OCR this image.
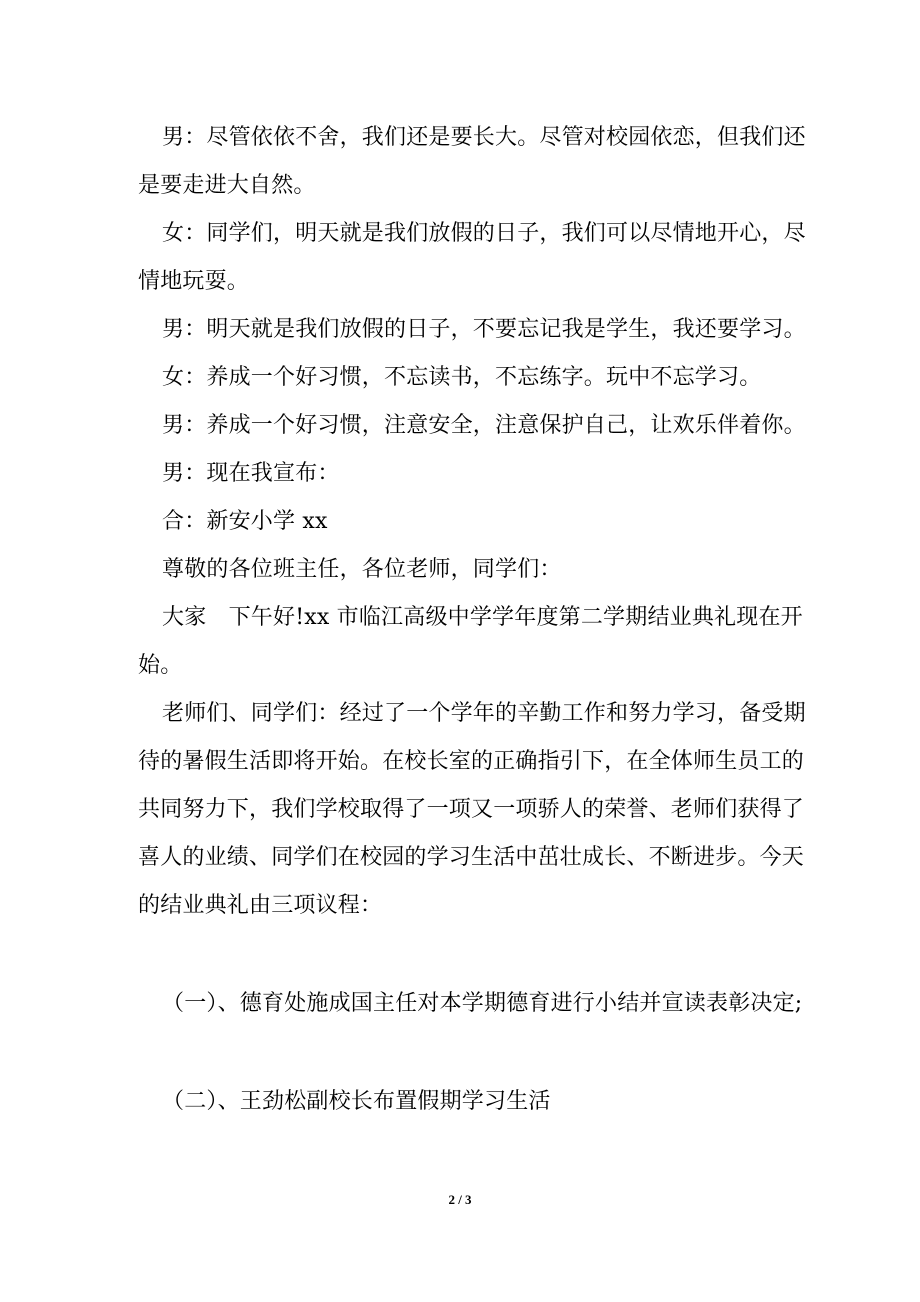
男：尽管依依不舍，我们还是要长大。尽管对校园依恋，但我们还
是要走进大自然。
女：同学们，明天就是我们放假的日子，我们可以尽情地开心，尽
情地玩耍。
男：明天就是我们放假的日子，不要忘记我是学生，我还要学习。
女：养成一个好习惯，不忘读书，不忘练字。玩中不忘学习。
男：养成一个好习惯，注意安全，注意保护自己，让欢乐伴着你。
男：现在我宣布：
合：新安小学 xx
尊敬的各位班主任，各位老师，同学们：
大家　下午好!xx 市临江高级中学学年度第二学期结业典礼现在开
始。
老师们、同学们：经过了一个学年的辛勤工作和努力学习，备受期
待的暑假生活即将开始。在校长室的正确指引下，在全体师生员工的
共同努力下，我们学校取得了一项又一项骄人的荣誉、老师们获得了
喜人的业绩、同学们在校园的学习生活中茁壮成长、不断进步。今天
的结业典礼由三项议程：
（一）、德育处施成国主任对本学期德育进行小结并宣读表彰决定;
（二）、王劲松副校长布置假期学习生活
2 / 3
